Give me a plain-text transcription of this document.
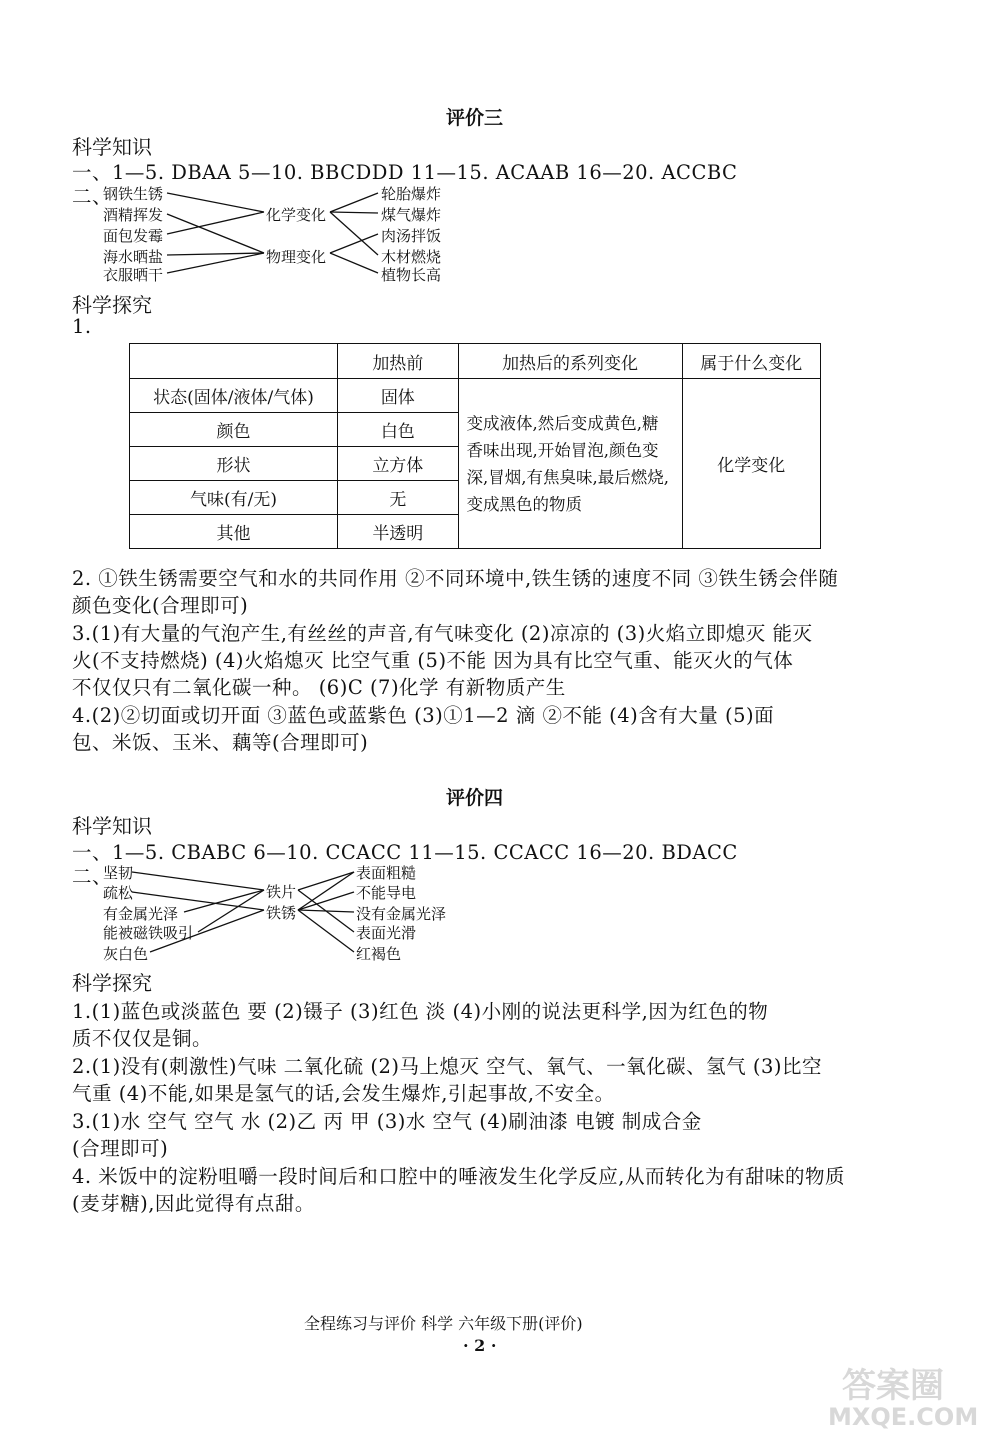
评价三
科学知识
一、1—5. DBAA 5—10. BBCDDD 11—15. ACAAB 16—20. ACCBC
二、
钢铁生锈
酒精挥发
面包发霉
海水晒盐
衣服晒干
化学变化
物理变化
轮胎爆炸
煤气爆炸
肉汤拌饭
木材燃烧
植物长高
科学探究
1.
	加热前	加热后的系列变化	属于什么变化
状态(固体/液体/气体)	固体	变成液体,然后变成黄色,糖香味出现,开始冒泡,颜色变深,冒烟,有焦臭味,最后燃烧,变成黑色的物质	化学变化
颜色	白色		
形状	立方体		
气味(有/无)	无		
其他	半透明		
2. ①铁生锈需要空气和水的共同作用 ②不同环境中,铁生锈的速度不同 ③铁生锈会伴随
颜色变化(合理即可)
3.(1)有大量的气泡产生,有丝丝的声音,有气味变化 (2)凉凉的 (3)火焰立即熄灭 能灭
火(不支持燃烧) (4)火焰熄灭 比空气重 (5)不能 因为具有比空气重、能灭火的气体
不仅仅只有二氧化碳一种。 (6)C (7)化学 有新物质产生
4.(2)②切面或切开面 ③蓝色或蓝紫色 (3)①1—2 滴 ②不能 (4)含有大量 (5)面
包、米饭、玉米、藕等(合理即可)
评价四
科学知识
一、1—5. CBABC 6—10. CCACC 11—15. CCACC 16—20. BDACC
二、
坚韧
疏松
有金属光泽
能被磁铁吸引
灰白色
铁片
铁锈
表面粗糙
不能导电
没有金属光泽
表面光滑
红褐色
科学探究
1.(1)蓝色或淡蓝色 要 (2)镊子 (3)红色 淡 (4)小刚的说法更科学,因为红色的物
质不仅仅是铜。
2.(1)没有(刺激性)气味 二氧化硫 (2)马上熄灭 空气、氧气、一氧化碳、氢气 (3)比空
气重 (4)不能,如果是氢气的话,会发生爆炸,引起事故,不安全。
3.(1)水 空气 空气 水 (2)乙 丙 甲 (3)水 空气 (4)刷油漆 电镀 制成合金
(合理即可)
4. 米饭中的淀粉咀嚼一段时间后和口腔中的唾液发生化学反应,从而转化为有甜味的物质
(麦芽糖),因此觉得有点甜。
全程练习与评价 科学 六年级下册(评价)
· 2 ·
答案圈
MXQE.COM
